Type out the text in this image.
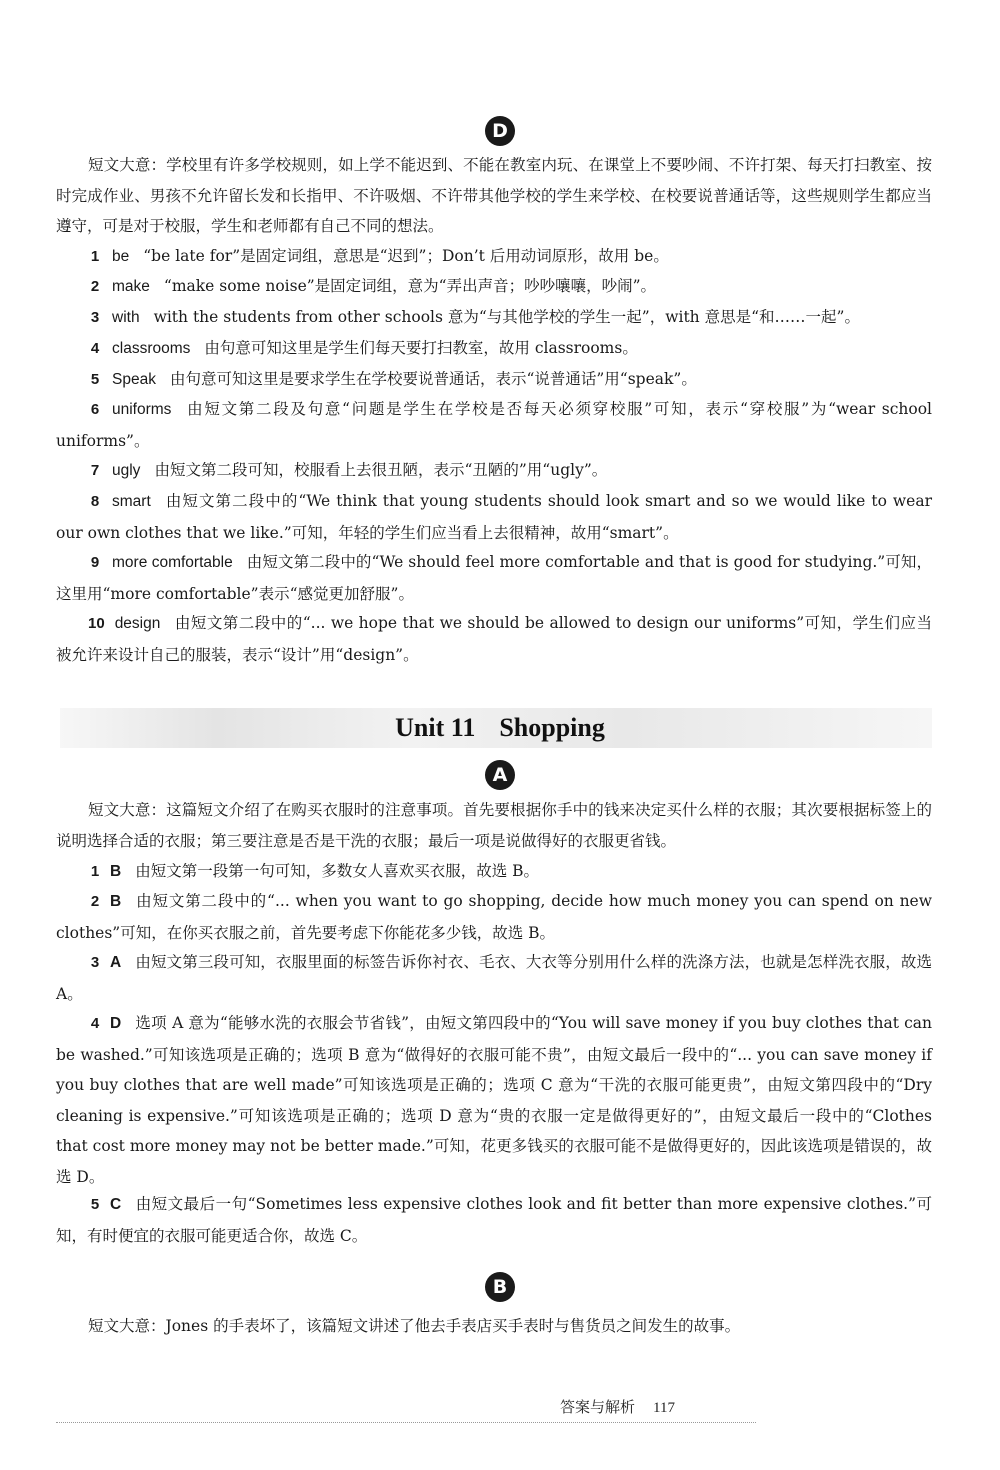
D

短文大意：学校里有许多学校规则，如上学不能迟到、不能在教室内玩、在课堂上不要吵闹、不许打架、每天打扫教室、按时完成作业、男孩不允许留长发和长指甲、不许吸烟、不许带其他学校的学生来学校、在校要说普通话等，这些规则学生都应当遵守，可是对于校服，学生和老师都有自己不同的想法。

1 be “be late for”是固定词组，意思是“迟到”；Don’t 后用动词原形，故用 be。

2 make “make some noise”是固定词组，意为“弄出声音；吵吵嚷嚷，吵闹”。

3 with with the students from other schools 意为“与其他学校的学生一起”，with 意思是“和……一起”。

4 classrooms 由句意可知这里是学生们每天要打扫教室，故用 classrooms。

5 Speak 由句意可知这里是要求学生在学校要说普通话，表示“说普通话”用“speak”。

6 uniforms 由短文第二段及句意“问题是学生在学校是否每天必须穿校服”可知，表示“穿校服”为“wear school uniforms”。

7 ugly 由短文第二段可知，校服看上去很丑陋，表示“丑陋的”用“ugly”。

8 smart 由短文第二段中的“We think that young students should look smart and so we would like to wear our own clothes that we like.”可知，年轻的学生们应当看上去很精神，故用“smart”。

9 more comfortable 由短文第二段中的“We should feel more comfortable and that is good for studying.”可知，这里用“more comfortable”表示“感觉更加舒服”。

10 design 由短文第二段中的“... we hope that we should be allowed to design our uniforms”可知，学生们应当被允许来设计自己的服装，表示“设计”用“design”。

Unit 11 Shopping
A

短文大意：这篇短文介绍了在购买衣服时的注意事项。首先要根据你手中的钱来决定买什么样的衣服；其次要根据标签上的说明选择合适的衣服；第三要注意是否是干洗的衣服；最后一项是说做得好的衣服更省钱。

1 B 由短文第一段第一句可知，多数女人喜欢买衣服，故选 B。

2 B 由短文第二段中的“... when you want to go shopping, decide how much money you can spend on new clothes”可知，在你买衣服之前，首先要考虑下你能花多少钱，故选 B。

3 A 由短文第三段可知，衣服里面的标签告诉你衬衣、毛衣、大衣等分别用什么样的洗涤方法，也就是怎样洗衣服，故选 A。

4 D 选项 A 意为“能够水洗的衣服会节省钱”，由短文第四段中的“You will save money if you buy clothes that can be washed.”可知该选项是正确的；选项 B 意为“做得好的衣服可能不贵”，由短文最后一段中的“... you can save money if you buy clothes that are well made”可知该选项是正确的；选项 C 意为“干洗的衣服可能更贵”，由短文第四段中的“Dry cleaning is expensive.”可知该选项是正确的；选项 D 意为“贵的衣服一定是做得更好的”，由短文最后一段中的“Clothes that cost more money may not be better made.”可知，花更多钱买的衣服可能不是做得更好的，因此该选项是错误的，故选 D。

5 C 由短文最后一句“Sometimes less expensive clothes look and fit better than more expensive clothes.”可知，有时便宜的衣服可能更适合你，故选 C。

B

短文大意：Jones 的手表坏了，该篇短文讲述了他去手表店买手表时与售货员之间发生的故事。

答案与解析 117
